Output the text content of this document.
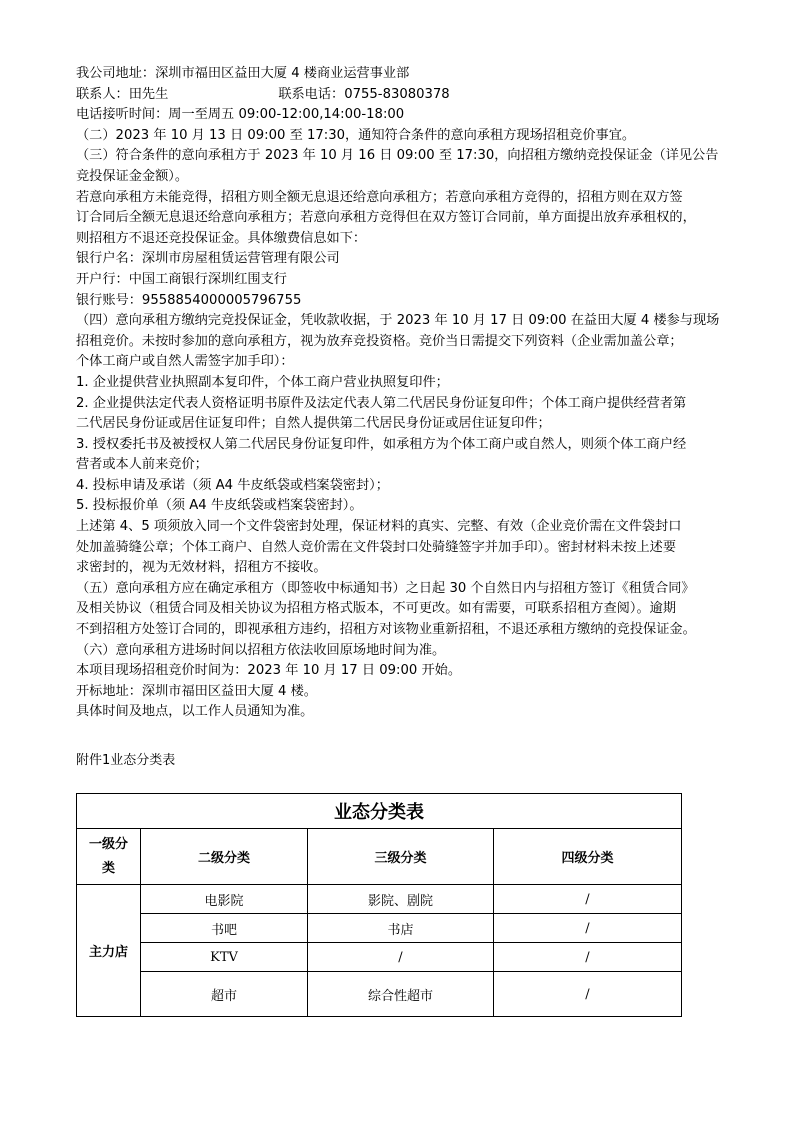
我公司地址：深圳市福田区益田大厦 4 楼商业运营事业部
联系人：田先生	联系电话：0755-83080378
电话接听时间：周一至周五 09:00-12:00,14:00-18:00
（二）2023 年 10 月 13 日 09:00 至 17:30，通知符合条件的意向承租方现场招租竞价事宜。
（三）符合条件的意向承租方于 2023 年 10 月 16 日 09:00 至 17:30，向招租方缴纳竞投保证金（详见公告
竞投保证金金额）。
若意向承租方未能竞得，招租方则全额无息退还给意向承租方；若意向承租方竞得的，招租方则在双方签
订合同后全额无息退还给意向承租方；若意向承租方竞得但在双方签订合同前，单方面提出放弃承租权的，
则招租方不退还竞投保证金。具体缴费信息如下：
银行户名：深圳市房屋租赁运营管理有限公司
开户行：中国工商银行深圳红围支行
银行账号：9558854000005796755
（四）意向承租方缴纳完竞投保证金，凭收款收据，于 2023 年 10 月 17 日 09:00 在益田大厦 4 楼参与现场
招租竞价。未按时参加的意向承租方，视为放弃竞投资格。竞价当日需提交下列资料（企业需加盖公章；
个体工商户或自然人需签字加手印）：
1. 企业提供营业执照副本复印件，个体工商户营业执照复印件；
2. 企业提供法定代表人资格证明书原件及法定代表人第二代居民身份证复印件；个体工商户提供经营者第
二代居民身份证或居住证复印件；自然人提供第二代居民身份证或居住证复印件；
3. 授权委托书及被授权人第二代居民身份证复印件，如承租方为个体工商户或自然人，则须个体工商户经
营者或本人前来竞价；
4. 投标申请及承诺（须 A4 牛皮纸袋或档案袋密封）；
5. 投标报价单（须 A4 牛皮纸袋或档案袋密封）。
上述第 4、5 项须放入同一个文件袋密封处理，保证材料的真实、完整、有效（企业竞价需在文件袋封口
处加盖骑缝公章；个体工商户、自然人竞价需在文件袋封口处骑缝签字并加手印）。密封材料未按上述要
求密封的，视为无效材料，招租方不接收。
（五）意向承租方应在确定承租方（即签收中标通知书）之日起 30 个自然日内与招租方签订《租赁合同》
及相关协议（租赁合同及相关协议为招租方格式版本，不可更改。如有需要，可联系招租方查阅）。逾期
不到招租方处签订合同的，即视承租方违约，招租方对该物业重新招租，不退还承租方缴纳的竞投保证金。
（六）意向承租方进场时间以招租方依法收回原场地时间为准。
本项目现场招租竞价时间为：2023 年 10 月 17 日 09:00 开始。
开标地址：深圳市福田区益田大厦 4 楼。
具体时间及地点，以工作人员通知为准。
附件1业态分类表
业态分类表			
一级分
类	二级分类	三级分类	四级分类
主力店	电影院	影院、剧院	/
	书吧	书店	/
	KTV	/	/
	超市	综合性超市	/
